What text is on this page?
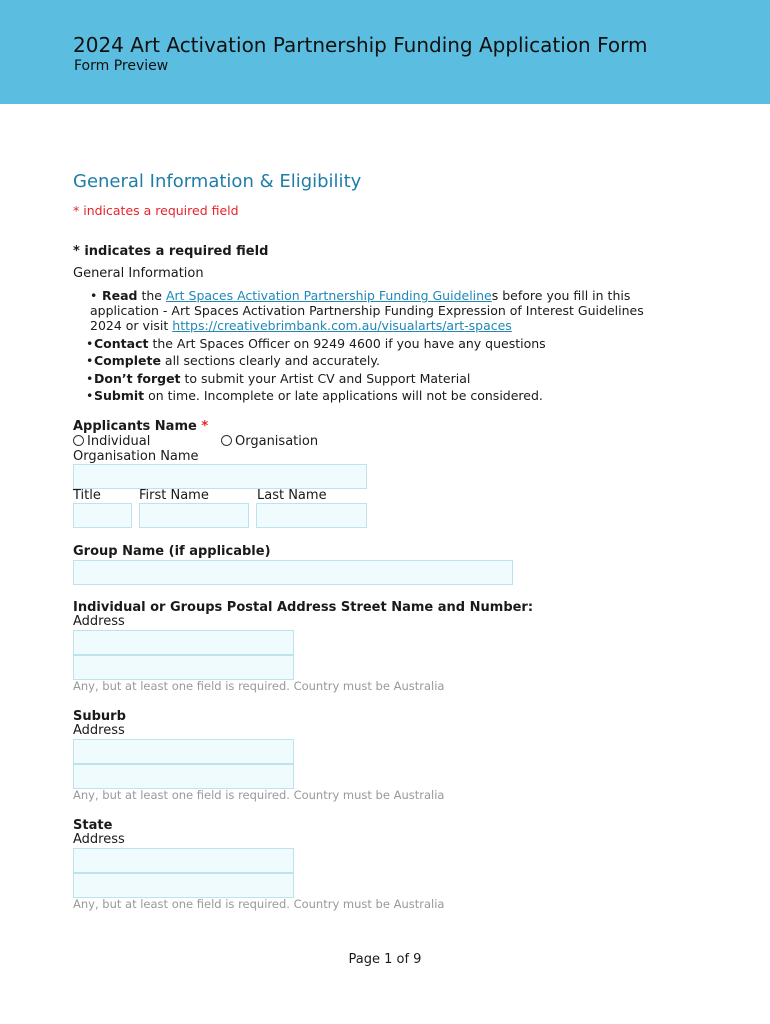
2024 Art Activation Partnership Funding Application Form
Form Preview
General Information & Eligibility
* indicates a required field
* indicates a required field
General Information
• Read the Art Spaces Activation Partnership Funding Guidelines before you fill in this
application - Art Spaces Activation Partnership Funding Expression of Interest Guidelines
2024 or visit https://creativebrimbank.com.au/visualarts/art-spaces
• Contact the Art Spaces Officer on 9249 4600 if you have any questions
• Complete all sections clearly and accurately.
• Don’t forget to submit your Artist CV and Support Material
• Submit on time. Incomplete or late applications will not be considered.
Applicants Name *
Individual	Organisation
Organisation Name
Title	First Name	Last Name
Group Name (if applicable)
Individual or Groups Postal Address Street Name and Number:
Address
Any, but at least one field is required. Country must be Australia
Suburb
Address
Any, but at least one field is required. Country must be Australia
State
Address
Any, but at least one field is required. Country must be Australia
Page 1 of 9
